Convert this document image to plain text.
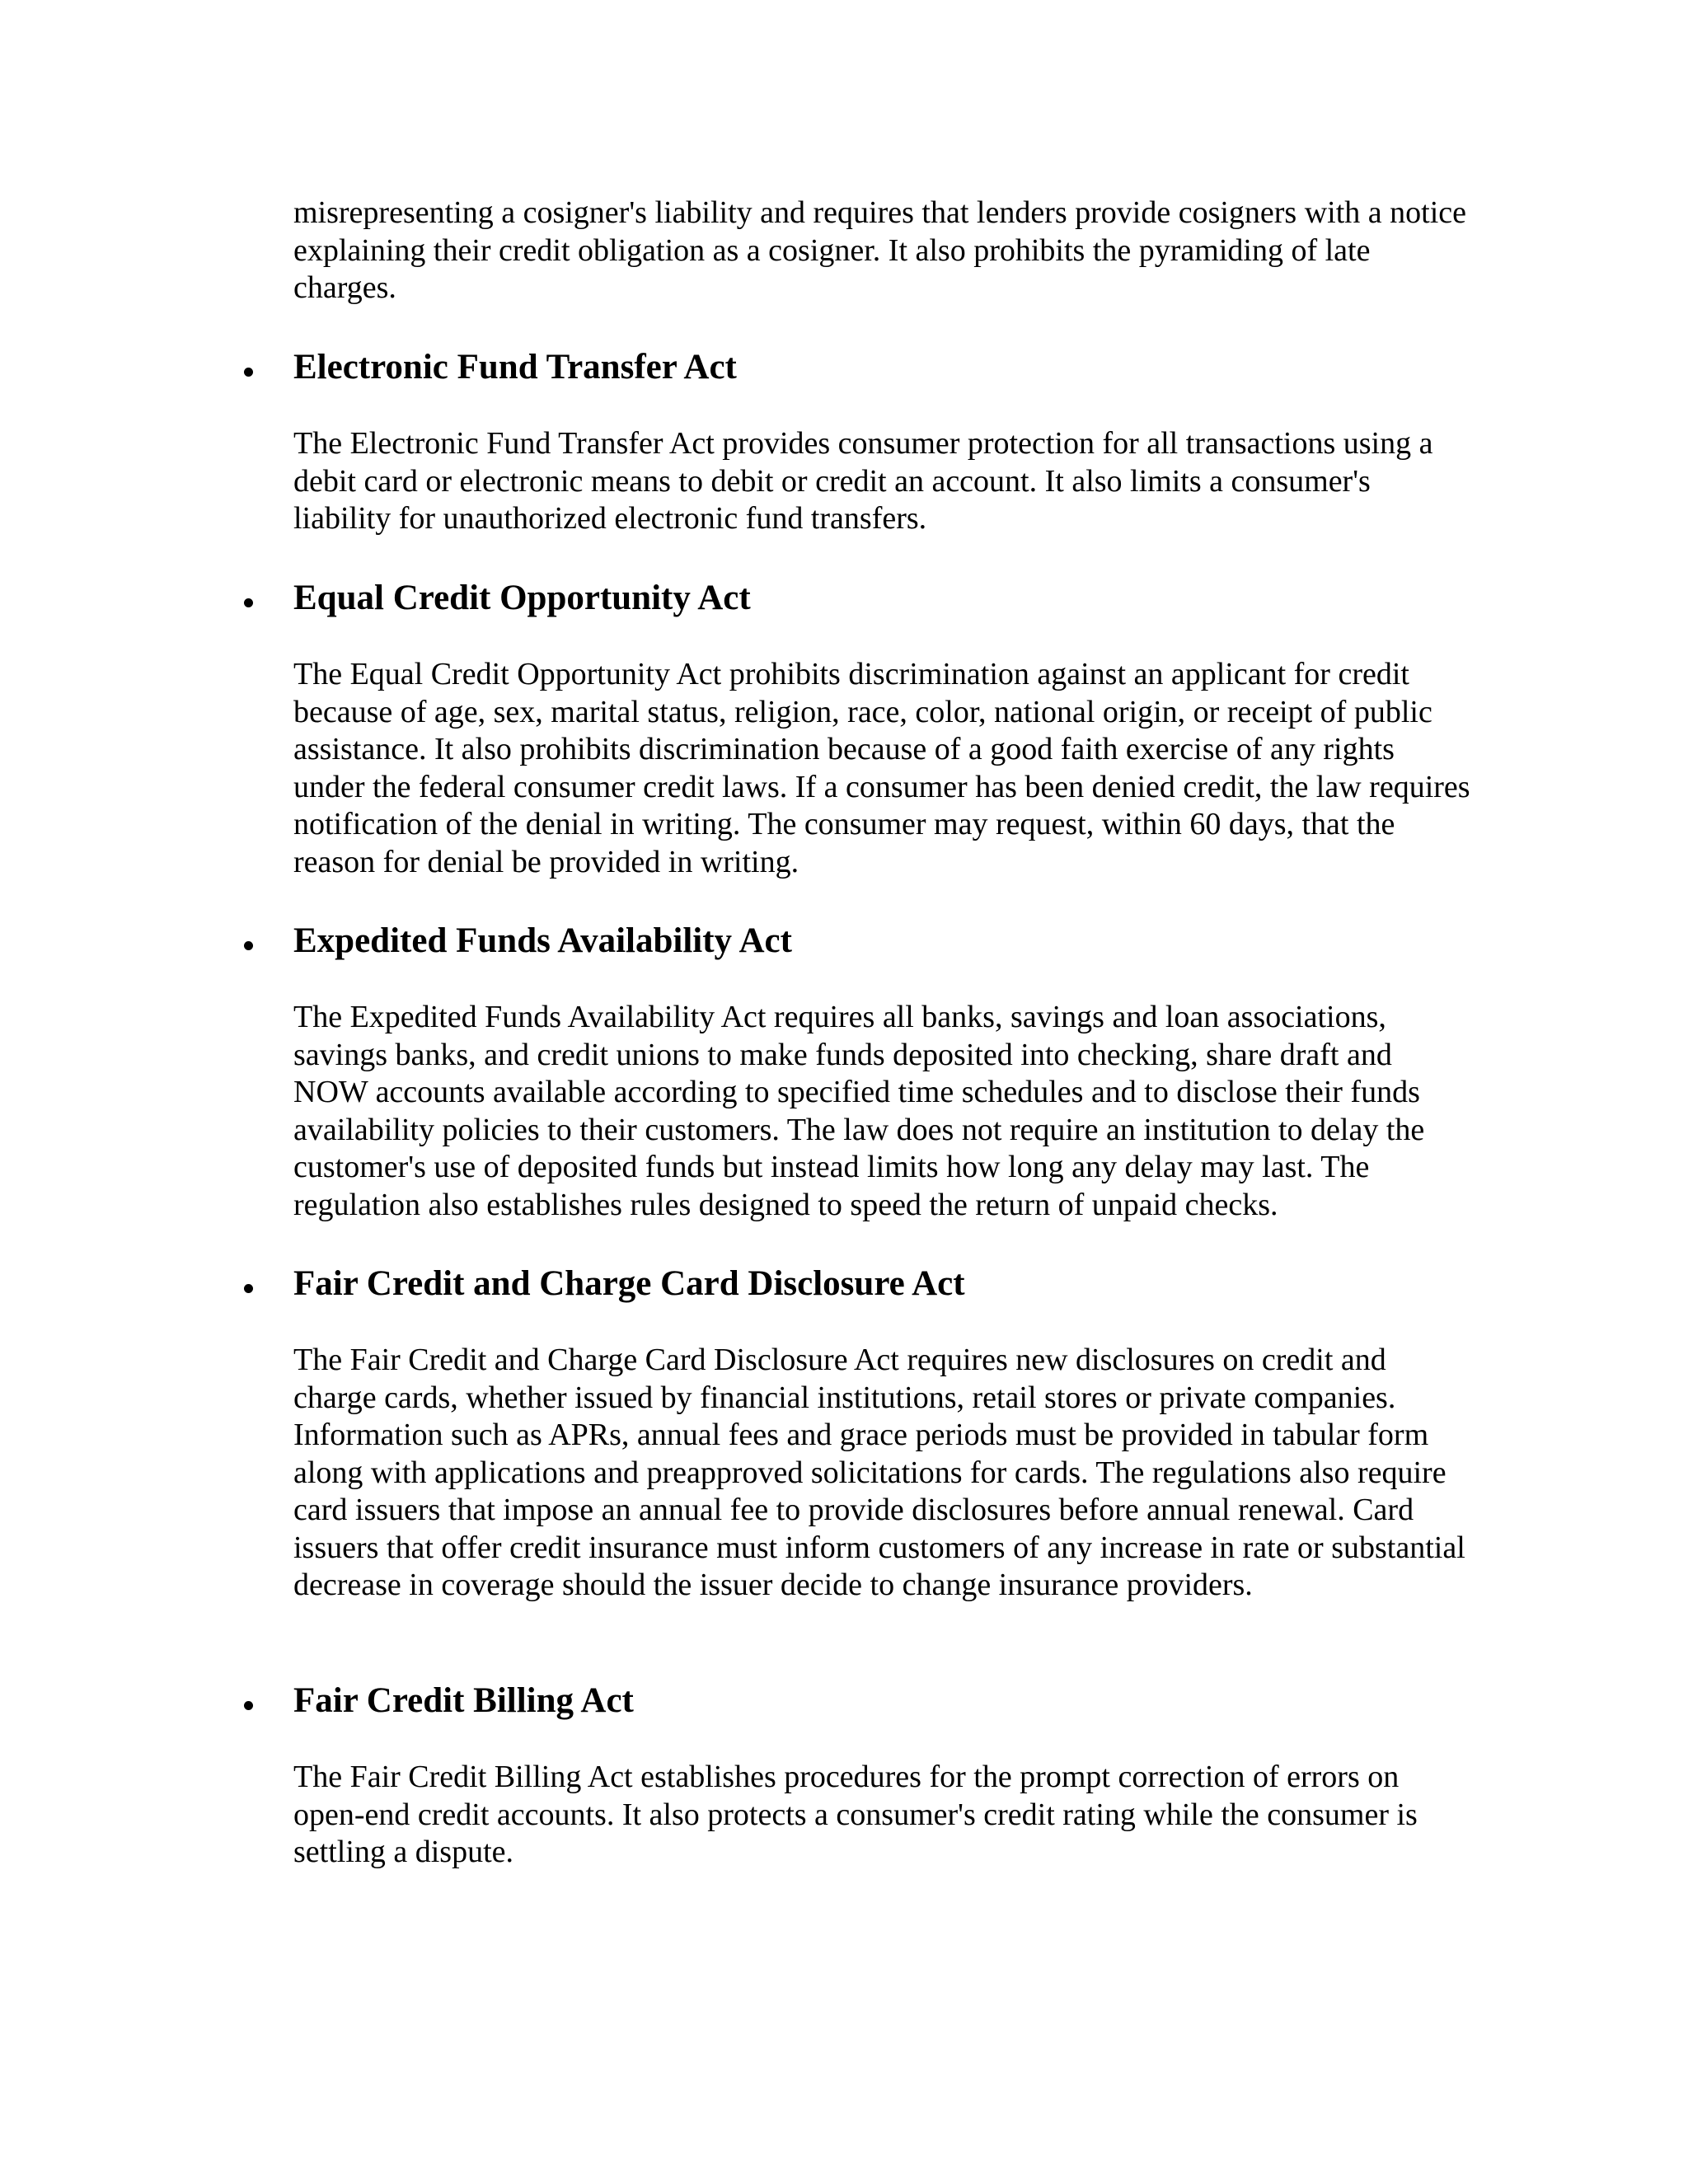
misrepresenting a cosigner's liability and requires that lenders provide cosigners with a notice explaining their credit obligation as a cosigner. It also prohibits the pyramiding of late charges.

Electronic Fund Transfer Act

The Electronic Fund Transfer Act provides consumer protection for all transactions using a debit card or electronic means to debit or credit an account. It also limits a consumer's liability for unauthorized electronic fund transfers.

Equal Credit Opportunity Act

The Equal Credit Opportunity Act prohibits discrimination against an applicant for credit because of age, sex, marital status, religion, race, color, national origin, or receipt of public assistance. It also prohibits discrimination because of a good faith exercise of any rights under the federal consumer credit laws. If a consumer has been denied credit, the law requires notification of the denial in writing. The consumer may request, within 60 days, that the reason for denial be provided in writing.

Expedited Funds Availability Act

The Expedited Funds Availability Act requires all banks, savings and loan associations, savings banks, and credit unions to make funds deposited into checking, share draft and NOW accounts available according to specified time schedules and to disclose their funds availability policies to their customers. The law does not require an institution to delay the customer's use of deposited funds but instead limits how long any delay may last. The regulation also establishes rules designed to speed the return of unpaid checks.

Fair Credit and Charge Card Disclosure Act

The Fair Credit and Charge Card Disclosure Act requires new disclosures on credit and charge cards, whether issued by financial institutions, retail stores or private companies. Information such as APRs, annual fees and grace periods must be provided in tabular form along with applications and preapproved solicitations for cards. The regulations also require card issuers that impose an annual fee to provide disclosures before annual renewal. Card issuers that offer credit insurance must inform customers of any increase in rate or substantial decrease in coverage should the issuer decide to change insurance providers.

Fair Credit Billing Act

The Fair Credit Billing Act establishes procedures for the prompt correction of errors on open-end credit accounts. It also protects a consumer's credit rating while the consumer is settling a dispute.
